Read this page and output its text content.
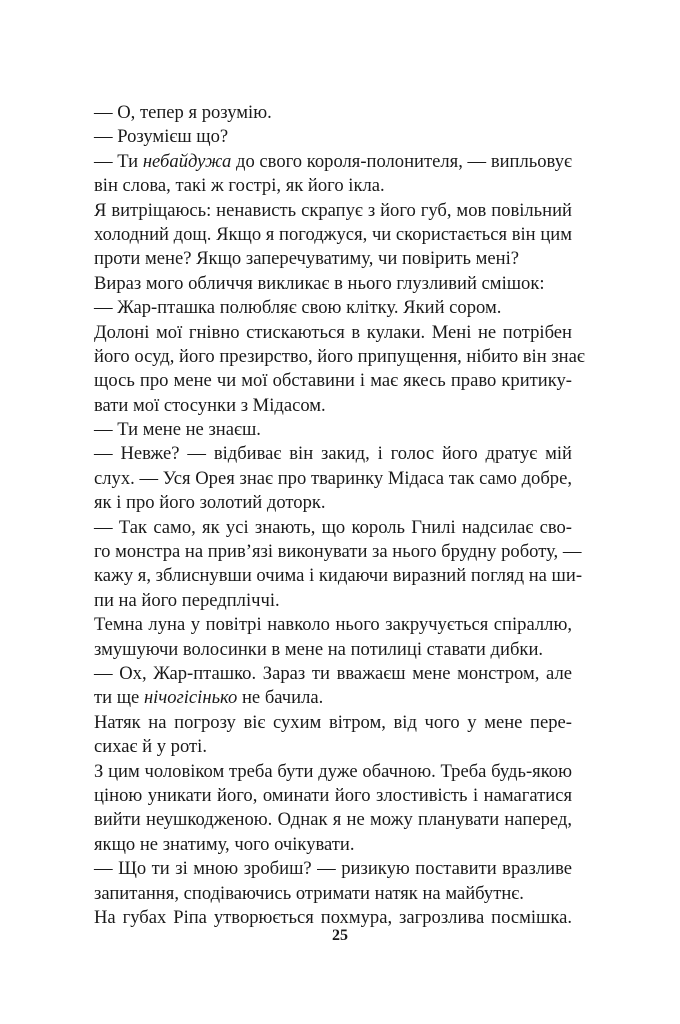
— О, тепер я розумію.
— Розумієш що?
— Ти небайдужа до свого короля-полонителя, — випльовує
він слова, такі ж гострі, як його ікла.
Я витріщаюсь: ненависть скрапує з його губ, мов повільний
холодний дощ. Якщо я погоджуся, чи скористається він цим
проти мене? Якщо заперечуватиму, чи повірить мені?
Вираз мого обличчя викликає в нього глузливий смішок:
— Жар-пташка полюбляє свою клітку. Який сором.
Долоні мої гнівно стискаються в кулаки. Мені не потрібен
його осуд, його презирство, його припущення, нібито він знає
щось про мене чи мої обставини і має якесь право критику-
вати мої стосунки з Мідасом.
— Ти мене не знаєш.
— Невже? — відбиває він закид, і голос його дратує мій
слух. — Уся Орея знає про тваринку Мідаса так само добре,
як і про його золотий доторк.
— Так само, як усі знають, що король Гнилі надсилає сво-
го монстра на прив’язі виконувати за нього брудну роботу, —
кажу я, зблиснувши очима і кидаючи виразний погляд на ши-
пи на його передпліччі.
Темна луна у повітрі навколо нього закручується спіраллю,
змушуючи волосинки в мене на потилиці ставати дибки.
— Ох, Жар-пташко. Зараз ти вважаєш мене монстром, але
ти ще нічогісінько не бачила.
Натяк на погрозу віє сухим вітром, від чого у мене пере-
сихає й у роті.
З цим чоловіком треба бути дуже обачною. Треба будь-якою
ціною уникати його, оминати його злостивість і намагатися
вийти неушкодженою. Однак я не можу планувати наперед,
якщо не знатиму, чого очікувати.
— Що ти зі мною зробиш? — ризикую поставити вразливе
запитання, сподіваючись отримати натяк на майбутнє.
На губах Ріпа утворюється похмура, загрозлива посмішка.
25
